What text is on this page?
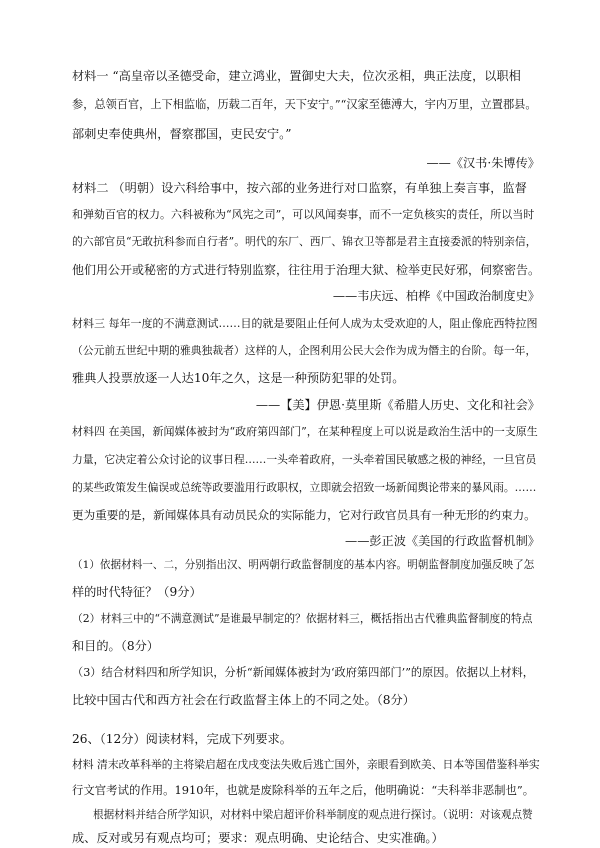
材料一 “高皇帝以圣德受命，建立鸿业，置御史大夫，位次丞相，典正法度，以职相
参，总领百官，上下相监临，历载二百年，天下安宁。”“汉家至德溥大，宇内万里，立置郡县。
部刺史奉使典州，督察郡国，吏民安宁。”
——《汉书·朱博传》
材料二 （明朝）设六科给事中，按六部的业务进行对口监察，有单独上奏言事，监督
和弹劾百官的权力。六科被称为“风宪之司”，可以风闻奏事，而不一定负核实的责任，所以当时
的六部官员“无敢抗科参而自行者”。明代的东厂、西厂、锦衣卫等都是君主直接委派的特别亲信，
他们用公开或秘密的方式进行特别监察，往往用于治理大狱、检举吏民好邪，伺察密告。
——韦庆远、柏桦《中国政治制度史》
材料三 每年一度的不满意测试……目的就是要阻止任何人成为太受欢迎的人，阻止像庇西特拉图
（公元前五世纪中期的雅典独裁者）这样的人，企图利用公民大会作为成为僭主的台阶。每一年，
雅典人投票放逐一人达10年之久，这是一种预防犯罪的处罚。
——【美】伊恩·莫里斯《希腊人历史、文化和社会》
材料四 在美国，新闻媒体被封为“政府第四部门”，在某种程度上可以说是政治生活中的一支原生
力量，它决定着公众讨论的议事日程……一头牵着政府，一头牵着国民敏感之极的神经，一旦官员
的某些政策发生偏误或总统等政要滥用行政职权，立即就会招致一场新闻舆论带来的暴风雨。……
更为重要的是，新闻媒体具有动员民众的实际能力，它对行政官员具有一种无形的约束力。
——彭正波《美国的行政监督机制》
（1）依据材料一、二，分别指出汉、明两朝行政监督制度的基本内容。明朝监督制度加强反映了怎
样的时代特征？（9分）
（2）材料三中的“不满意测试”是谁最早制定的？依据材料三，概括指出古代雅典监督制度的特点
和目的。（8分）
（3）结合材料四和所学知识，分析“新闻媒体被封为‘政府第四部门’”的原因。依据以上材料，
比较中国古代和西方社会在行政监督主体上的不同之处。（8分）
26、（12分）阅读材料，完成下列要求。
材料 清末改革科举的主将梁启超在戊戌变法失败后逃亡国外，亲眼看到欧美、日本等国借鉴科举实
行文官考试的作用。1910年，也就是废除科举的五年之后，他明确说：“夫科举非恶制也”。
根据材料并结合所学知识，对材料中梁启超评价科举制度的观点进行探讨。（说明：对该观点赞
成、反对或另有观点均可；要求：观点明确、史论结合、史实准确。）
